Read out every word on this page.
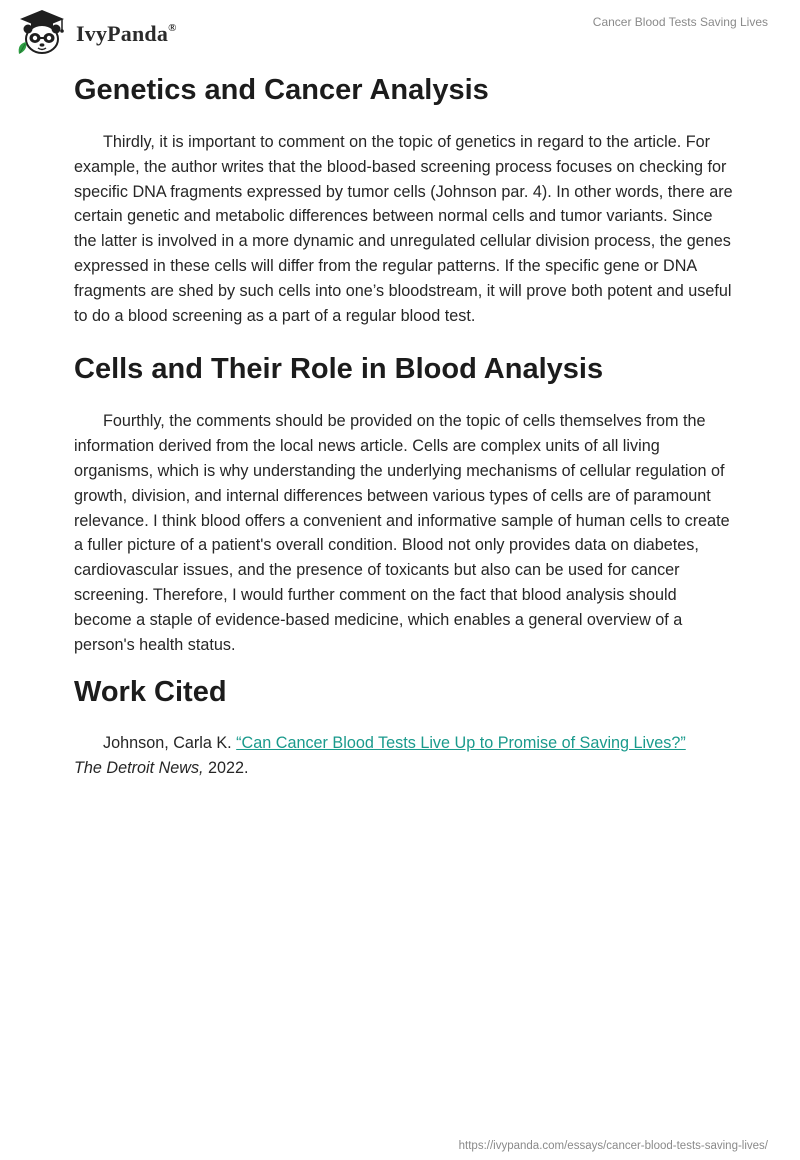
IvyPanda®	Cancer Blood Tests Saving Lives
Genetics and Cancer Analysis

Thirdly, it is important to comment on the topic of genetics in regard to the article. For example, the author writes that the blood-based screening process focuses on checking for specific DNA fragments expressed by tumor cells (Johnson par. 4). In other words, there are certain genetic and metabolic differences between normal cells and tumor variants. Since the latter is involved in a more dynamic and unregulated cellular division process, the genes expressed in these cells will differ from the regular patterns. If the specific gene or DNA fragments are shed by such cells into one’s bloodstream, it will prove both potent and useful to do a blood screening as a part of a regular blood test.

Cells and Their Role in Blood Analysis

Fourthly, the comments should be provided on the topic of cells themselves from the information derived from the local news article. Cells are complex units of all living organisms, which is why understanding the underlying mechanisms of cellular regulation of growth, division, and internal differences between various types of cells are of paramount relevance. I think blood offers a convenient and informative sample of human cells to create a fuller picture of a patient's overall condition. Blood not only provides data on diabetes, cardiovascular issues, and the presence of toxicants but also can be used for cancer screening. Therefore, I would further comment on the fact that blood analysis should become a staple of evidence-based medicine, which enables a general overview of a person's health status.

Work Cited

Johnson, Carla K. “Can Cancer Blood Tests Live Up to Promise of Saving Lives?”
The Detroit News, 2022.

https://ivypanda.com/essays/cancer-blood-tests-saving-lives/
